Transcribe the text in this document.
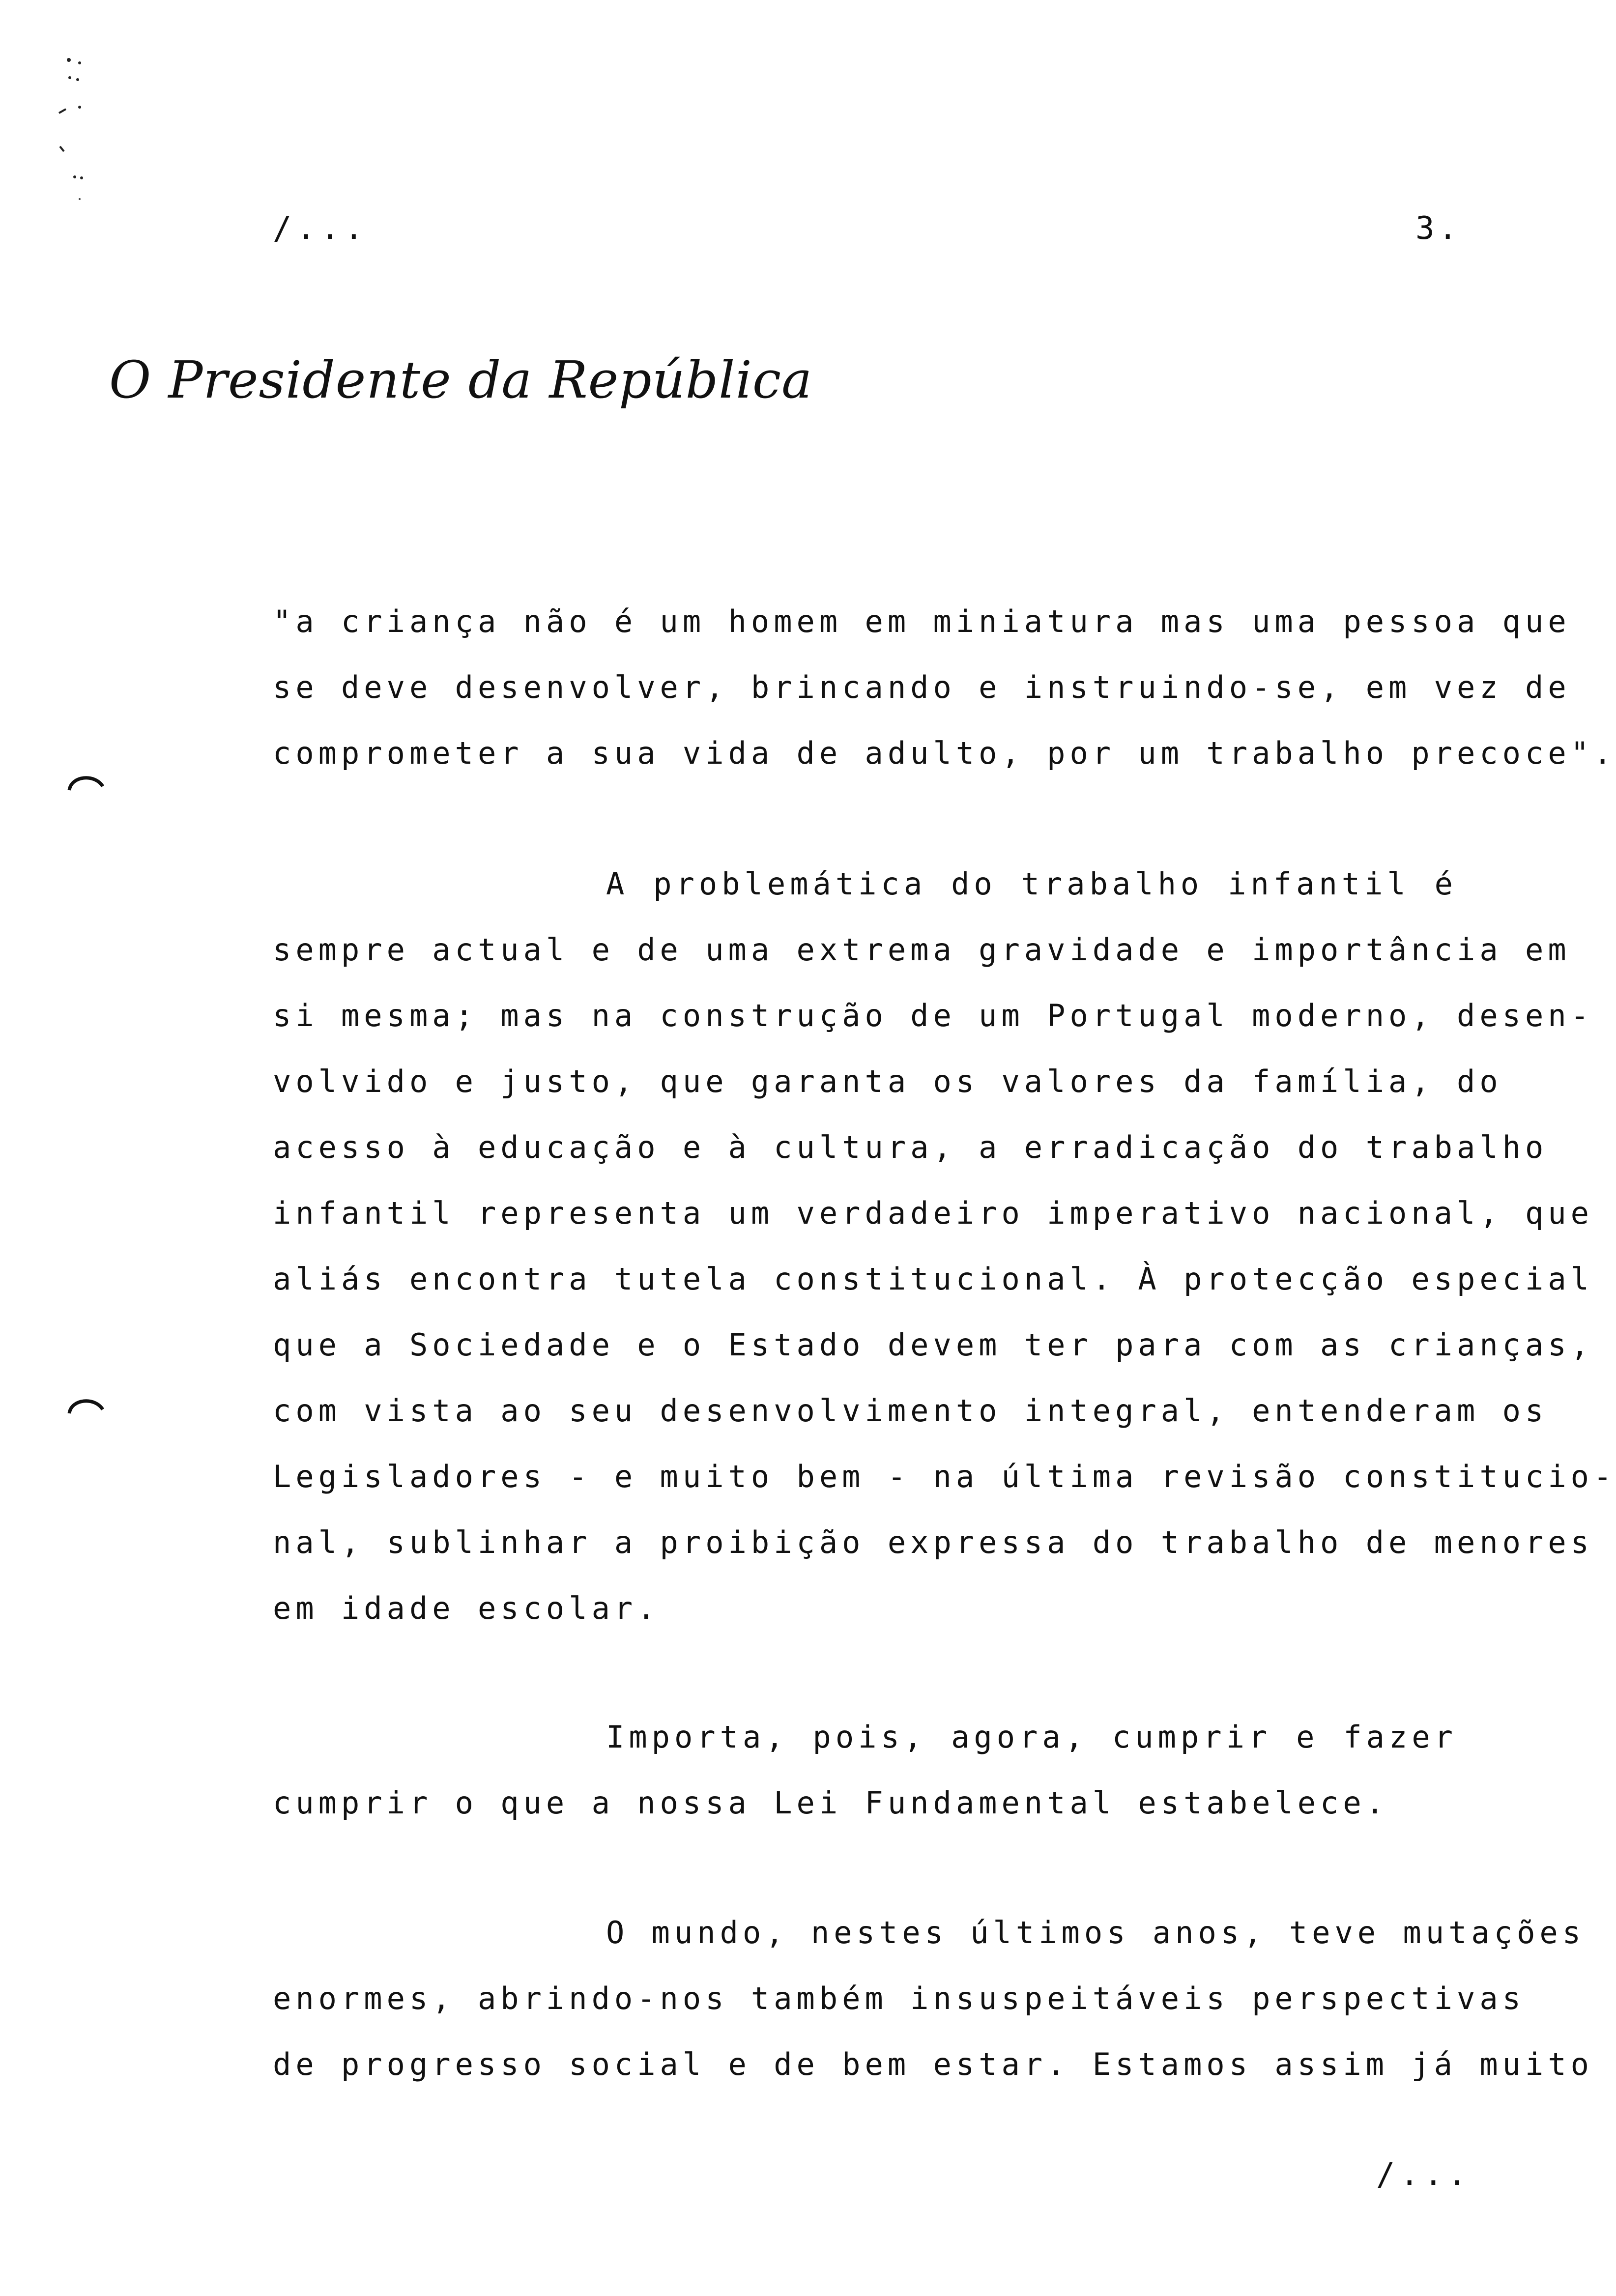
/...	3.
O Presidente da República
"a criança não é um homem em miniatura mas uma pessoa que
se deve desenvolver, brincando e instruindo-se, em vez de
comprometer a sua vida de adulto, por um trabalho precoce".
A problemática do trabalho infantil é
sempre actual e de uma extrema gravidade e importância em
si mesma; mas na construção de um Portugal moderno, desen-
volvido e justo, que garanta os valores da família, do
acesso à educação e à cultura, a erradicação do trabalho
infantil representa um verdadeiro imperativo nacional, que
aliás encontra tutela constitucional. À protecção especial
que a Sociedade e o Estado devem ter para com as crianças,
com vista ao seu desenvolvimento integral, entenderam os
Legisladores - e muito bem - na última revisão constitucio-
nal, sublinhar a proibição expressa do trabalho de menores
em idade escolar.
Importa, pois, agora, cumprir e fazer
cumprir o que a nossa Lei Fundamental estabelece.
O mundo, nestes últimos anos, teve mutações
enormes, abrindo-nos também insuspeitáveis perspectivas
de progresso social e de bem estar. Estamos assim já muito
/...
